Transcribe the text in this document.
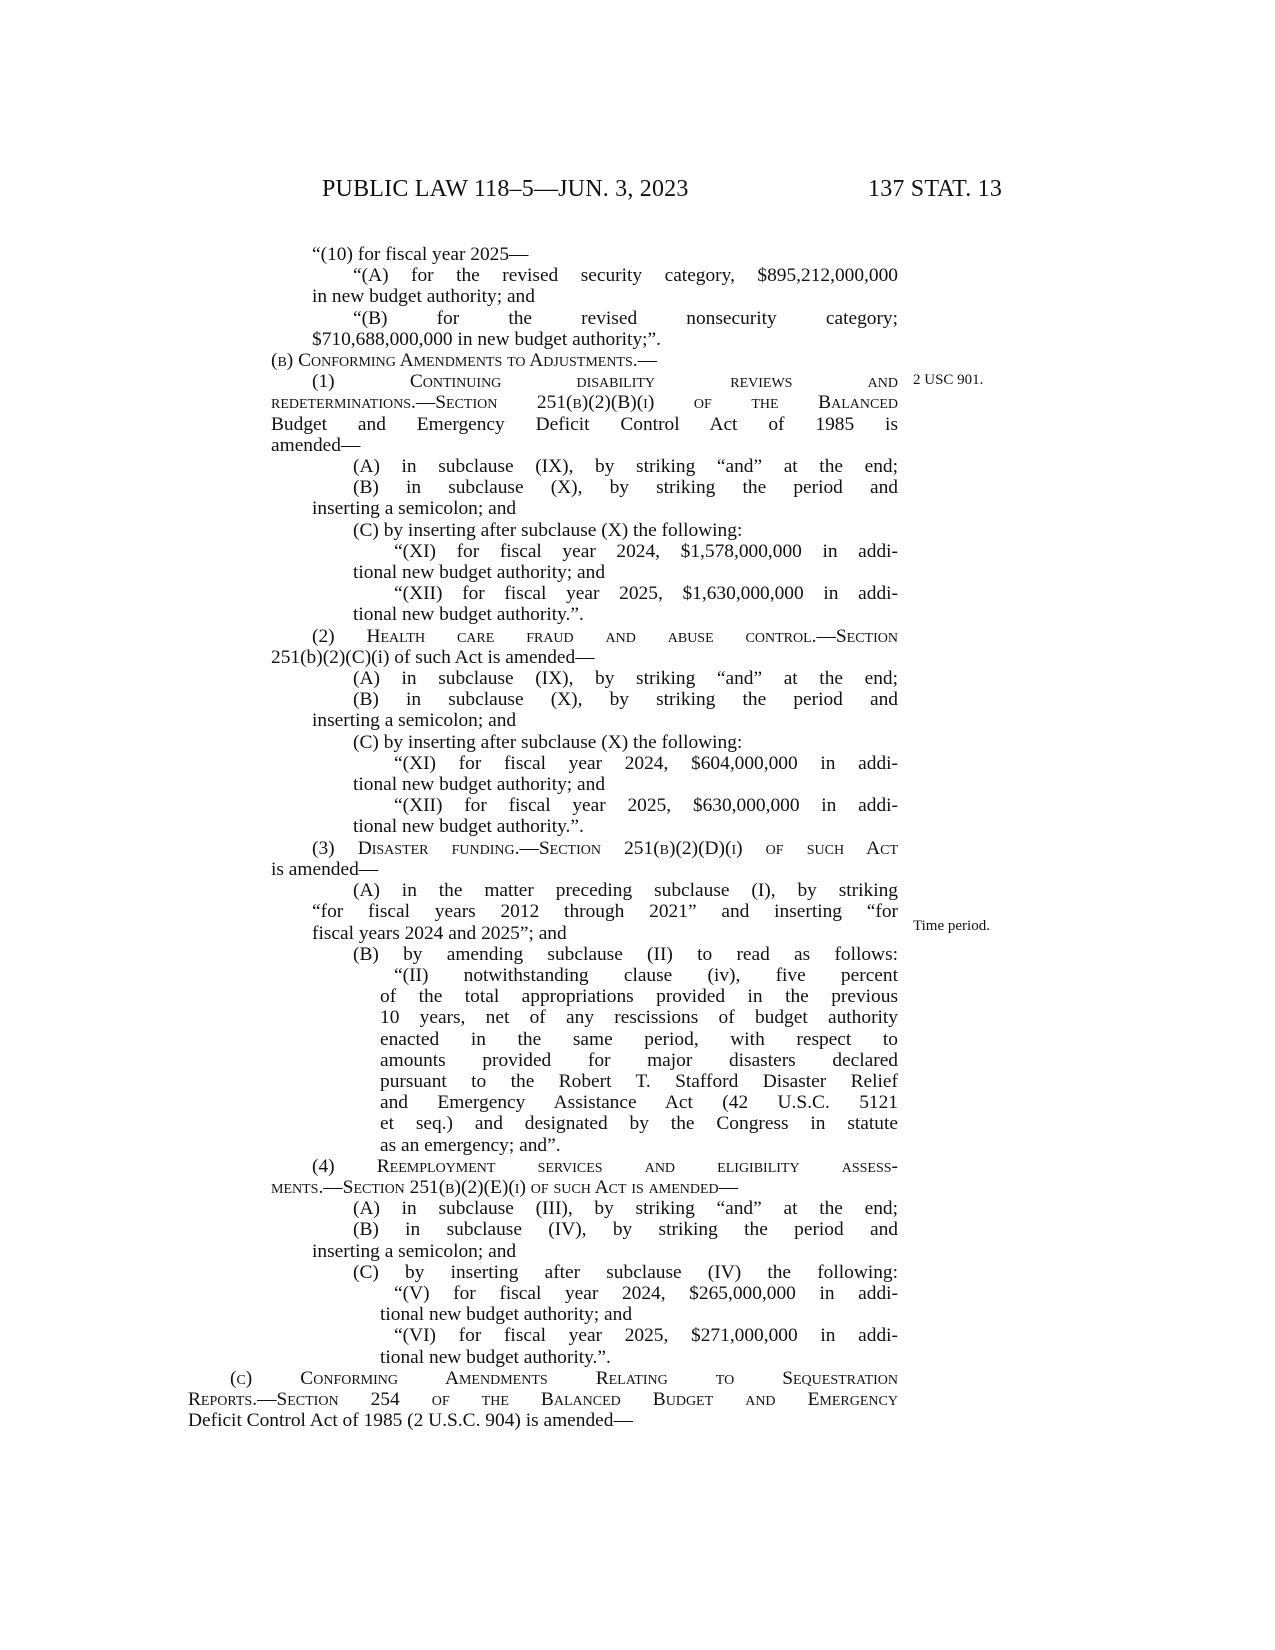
PUBLIC LAW 118–5—JUN. 3, 2023	137 STAT. 13
2 USC 901.
Time period.
“(10) for fiscal year 2025—
“(A) for the revised security category, $895,212,000,000
in new budget authority; and
“(B) for the revised nonsecurity category;
$710,688,000,000 in new budget authority;”.
(b) Conforming Amendments to Adjustments.—
(1) Continuing disability reviews and
redeterminations.—Section 251(b)(2)(B)(i) of the Balanced
Budget and Emergency Deficit Control Act of 1985 is
amended—
(A) in subclause (IX), by striking “and” at the end;
(B) in subclause (X), by striking the period and
inserting a semicolon; and
(C) by inserting after subclause (X) the following:
“(XI) for fiscal year 2024, $1,578,000,000 in addi-
tional new budget authority; and
“(XII) for fiscal year 2025, $1,630,000,000 in addi-
tional new budget authority.”.
(2) Health care fraud and abuse control.—Section
251(b)(2)(C)(i) of such Act is amended—
(A) in subclause (IX), by striking “and” at the end;
(B) in subclause (X), by striking the period and
inserting a semicolon; and
(C) by inserting after subclause (X) the following:
“(XI) for fiscal year 2024, $604,000,000 in addi-
tional new budget authority; and
“(XII) for fiscal year 2025, $630,000,000 in addi-
tional new budget authority.”.
(3) Disaster funding.—Section 251(b)(2)(D)(i) of such Act
is amended—
(A) in the matter preceding subclause (I), by striking
“for fiscal years 2012 through 2021” and inserting “for
fiscal years 2024 and 2025”; and
(B) by amending subclause (II) to read as follows:
“(II) notwithstanding clause (iv), five percent
of the total appropriations provided in the previous
10 years, net of any rescissions of budget authority
enacted in the same period, with respect to
amounts provided for major disasters declared
pursuant to the Robert T. Stafford Disaster Relief
and Emergency Assistance Act (42 U.S.C. 5121
et seq.) and designated by the Congress in statute
as an emergency; and”.
(4) Reemployment services and eligibility assess-
ments.—Section 251(b)(2)(E)(i) of such Act is amended—
(A) in subclause (III), by striking “and” at the end;
(B) in subclause (IV), by striking the period and
inserting a semicolon; and
(C) by inserting after subclause (IV) the following:
“(V) for fiscal year 2024, $265,000,000 in addi-
tional new budget authority; and
“(VI) for fiscal year 2025, $271,000,000 in addi-
tional new budget authority.”.
(c) Conforming Amendments Relating to Sequestration
Reports.—Section 254 of the Balanced Budget and Emergency
Deficit Control Act of 1985 (2 U.S.C. 904) is amended—
